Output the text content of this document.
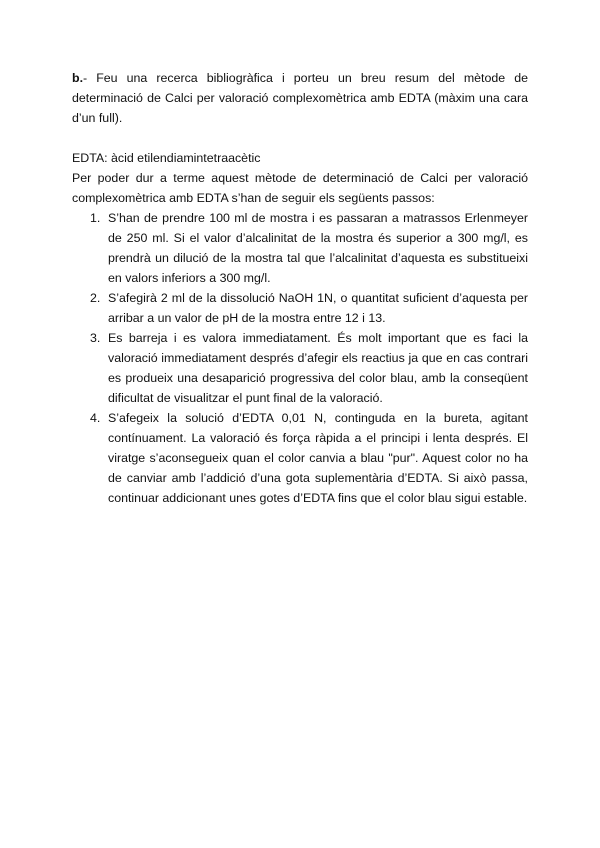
b.- Feu una recerca bibliogràfica i porteu un breu resum del mètode de determinació de Calci per valoració complexomètrica amb EDTA (màxim una cara d’un full).

EDTA: àcid etilendiamintetraacètic

Per poder dur a terme aquest mètode de determinació de Calci per valoració complexomètrica amb EDTA s’han de seguir els següents passos:

1. S’han de prendre 100 ml de mostra i es passaran a matrassos Erlenmeyer de 250 ml. Si el valor d’alcalinitat de la mostra és superior a 300 mg/l, es prendrà un dilució de la mostra tal que l’alcalinitat d’aquesta es substitueixi en valors inferiors a 300 mg/l.
2. S’afegirà 2 ml de la dissolució NaOH 1N, o quantitat suficient d’aquesta per arribar a un valor de pH de la mostra entre 12 i 13.
3. Es barreja i es valora immediatament. És molt important que es faci la valoració immediatament després d’afegir els reactius ja que en cas contrari es produeix una desaparició progressiva del color blau, amb la conseqüent dificultat de visualitzar el punt final de la valoració.
4. S’afegeix la solució d’EDTA 0,01 N, continguda en la bureta, agitant contínuament. La valoració és força ràpida a el principi i lenta després. El viratge s’aconsegueix quan el color canvia a blau "pur". Aquest color no ha de canviar amb l’addició d’una gota suplementària d’EDTA. Si això passa, continuar addicionant unes gotes d’EDTA fins que el color blau sigui estable.
